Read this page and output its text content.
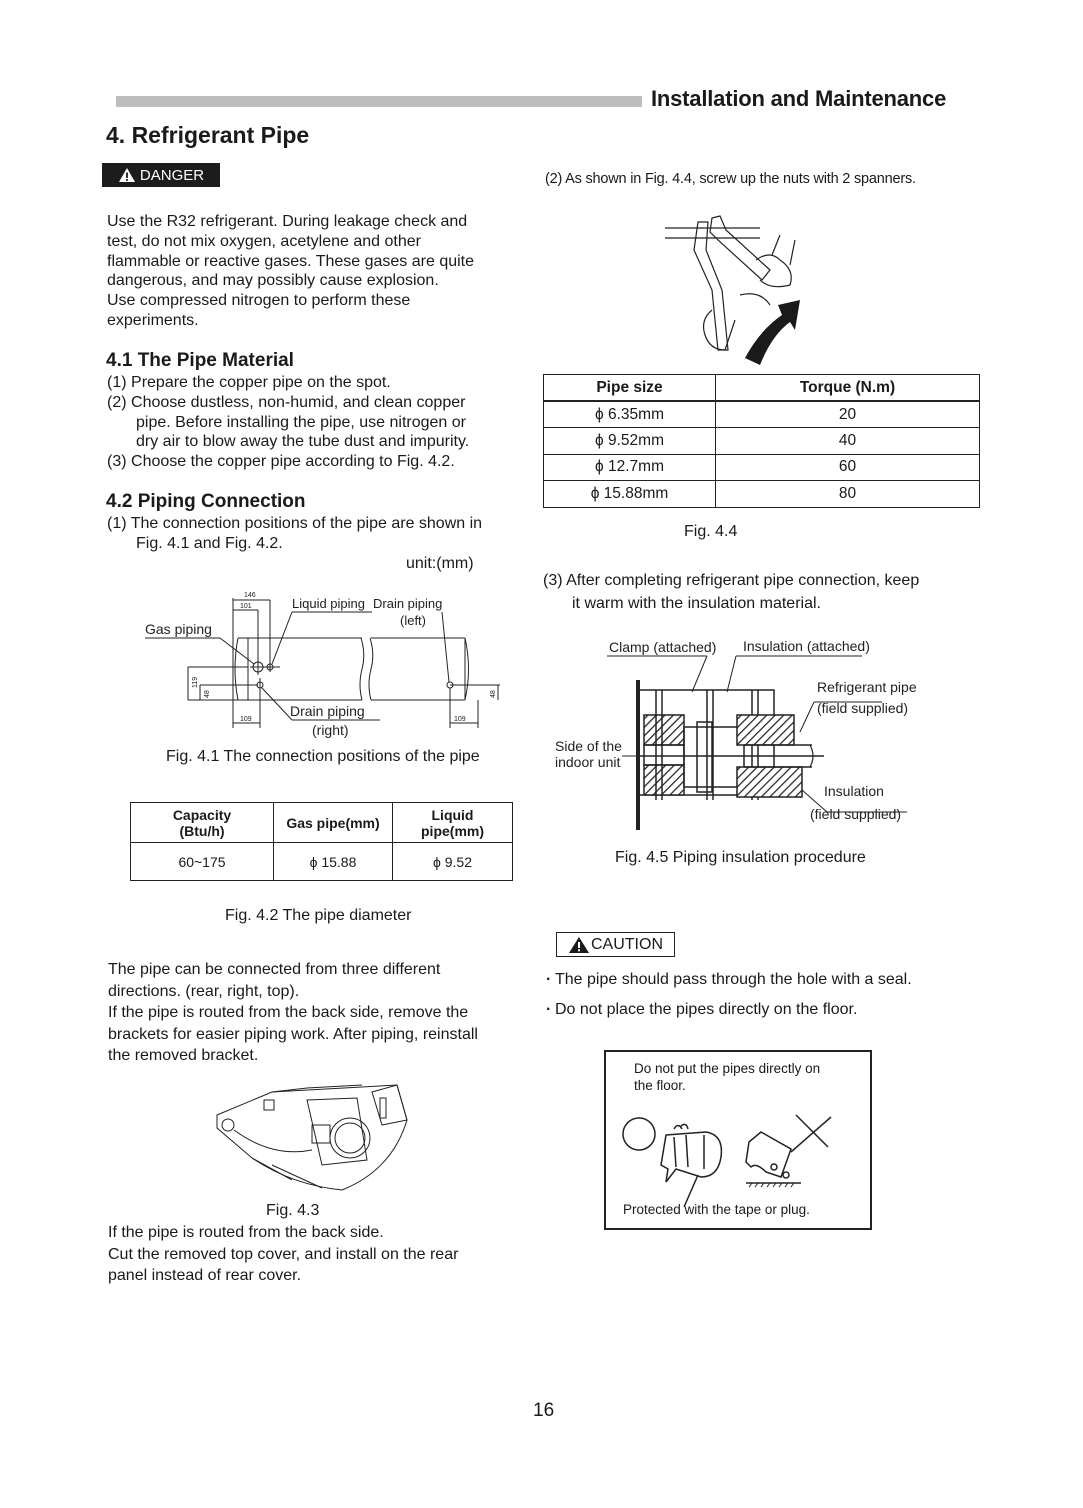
Installation and Maintenance
4. Refrigerant Pipe
DANGER
Use the R32 refrigerant. During leakage check and
test, do not mix oxygen, acetylene and other
flammable or reactive gases. These gases are quite
dangerous, and may possibly cause explosion.
Use compressed nitrogen to perform these
experiments.
4.1 The Pipe Material
(1) Prepare the copper pipe on the spot.
(2) Choose dustless, non-humid, and clean copper
pipe. Before installing the pipe, use nitrogen or
dry air to blow away the tube dust and impurity.
(3) Choose the copper pipe according to Fig. 4.2.
4.2 Piping Connection
(1) The connection positions of the pipe are shown in
Fig. 4.1 and Fig. 4.2.
unit:(mm)
146
101
109	109
119
48	48
Gas piping
Liquid piping Drain piping
(left)
Drain piping
(right)
Fig. 4.1 The connection positions of the pipe
Capacity
(Btu/h)	Gas pipe(mm)	Liquid
pipe(mm)
60~175	ϕ 15.88	ϕ 9.52
Fig. 4.2 The pipe diameter
The pipe can be connected from three different
directions. (rear, right, top).
If the pipe is routed from the back side, remove the
brackets for easier piping work. After piping, reinstall
the removed bracket.
Fig. 4.3
If the pipe is routed from the back side.
Cut the removed top cover, and install on the rear
panel instead of rear cover.
(2) As shown in Fig. 4.4, screw up the nuts with 2 spanners.
Pipe size	Torque (N.m)
ϕ 6.35mm	20
ϕ 9.52mm	40
ϕ 12.7mm	60
ϕ 15.88mm	80
Fig. 4.4
(3) After completing refrigerant pipe connection, keep
it warm with the insulation material.
Clamp (attached) Insulation (attached)
Refrigerant pipe
(field supplied)
Side of the
indoor unit
Insulation
(field supplied)
Fig. 4.5 Piping insulation procedure
CAUTION
· The pipe should pass through the hole with a seal.
· Do not place the pipes directly on the floor.
Do not put the pipes directly on
the floor.
Protected with the tape or plug.
16
